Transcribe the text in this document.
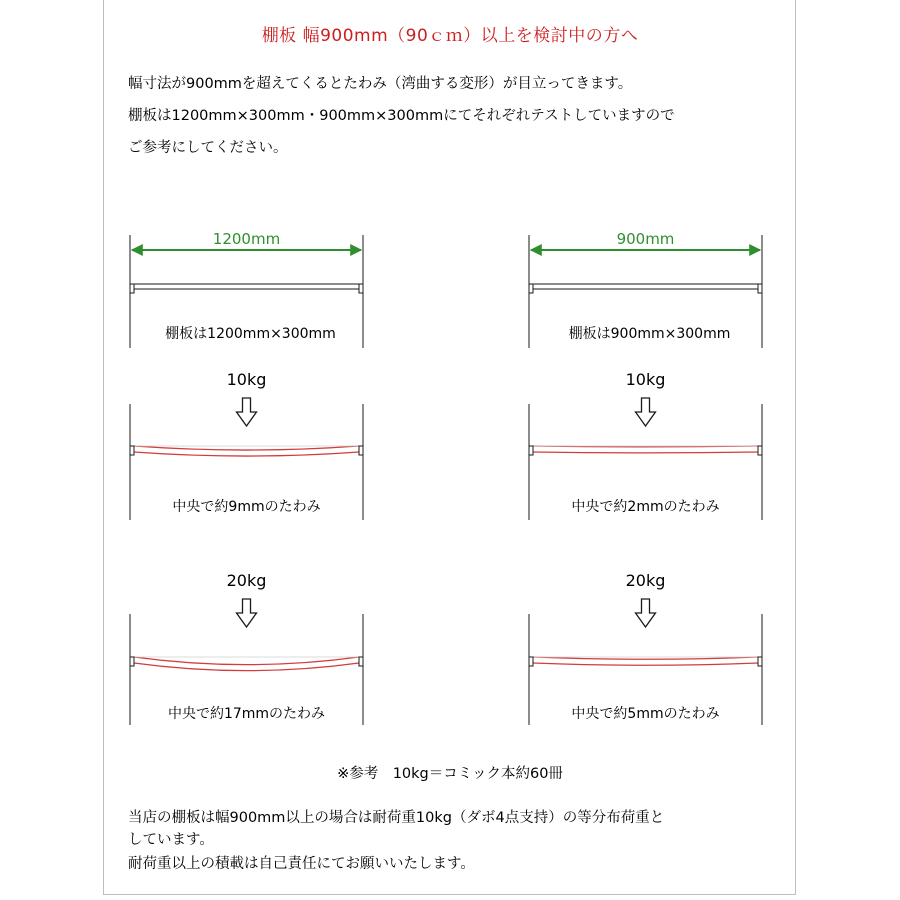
棚板 幅900mm（90ｃｍ）以上を検討中の方へ
幅寸法が900mmを超えてくるとたわみ（湾曲する変形）が目立ってきます。
棚板は1200mm×300mm・900mm×300mmにてそれぞれテストしていますので
ご参考にしてください。
1200mm
棚板は1200mm×300mm
10kg
中央で約9mmのたわみ
20kg
中央で約17mmのたわみ
900mm
棚板は900mm×300mm
10kg
中央で約2mmのたわみ
20kg
中央で約5mmのたわみ
※参考　10kg＝コミック本約60冊
当店の棚板は幅900mm以上の場合は耐荷重10kg（ダボ4点支持）の等分布荷重と
しています。
耐荷重以上の積載は自己責任にてお願いいたします。
